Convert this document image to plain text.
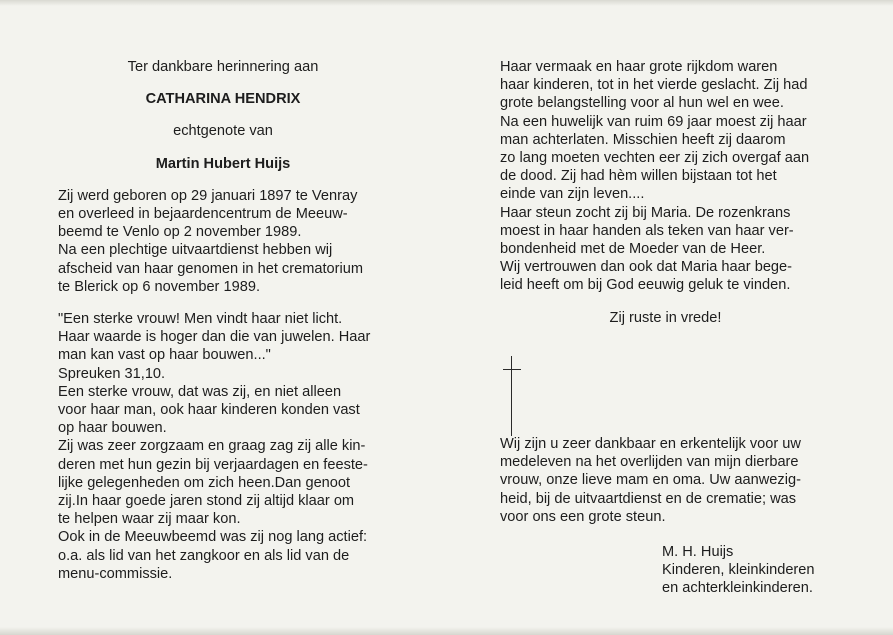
Ter dankbare herinnering aan
CATHARINA HENDRIX
echtgenote van
Martin Hubert Huijs
Zij werd geboren op 29 januari 1897 te Venray
en overleed in bejaardencentrum de Meeuw-
beemd te Venlo op 2 november 1989.
Na een plechtige uitvaartdienst hebben wij
afscheid van haar genomen in het crematorium
te Blerick op 6 november 1989.
"Een sterke vrouw! Men vindt haar niet licht.
Haar waarde is hoger dan die van juwelen. Haar
man kan vast op haar bouwen..."
Spreuken 31,10.
Een sterke vrouw, dat was zij, en niet alleen
voor haar man, ook haar kinderen konden vast
op haar bouwen.
Zij was zeer zorgzaam en graag zag zij alle kin-
deren met hun gezin bij verjaardagen en feeste-
lijke gelegenheden om zich heen.Dan genoot
zij.In haar goede jaren stond zij altijd klaar om
te helpen waar zij maar kon.
Ook in de Meeuwbeemd was zij nog lang actief:
o.a. als lid van het zangkoor en als lid van de
menu-commissie.
Haar vermaak en haar grote rijkdom waren
haar kinderen, tot in het vierde geslacht. Zij had
grote belangstelling voor al hun wel en wee.
Na een huwelijk van ruim 69 jaar moest zij haar
man achterlaten. Misschien heeft zij daarom
zo lang moeten vechten eer zij zich overgaf aan
de dood. Zij had hèm willen bijstaan tot het
einde van zijn leven....
Haar steun zocht zij bij Maria. De rozenkrans
moest in haar handen als teken van haar ver-
bondenheid met de Moeder van de Heer.
Wij vertrouwen dan ook dat Maria haar bege-
leid heeft om bij God eeuwig geluk te vinden.
Zij ruste in vrede!
Wij zijn u zeer dankbaar en erkentelijk voor uw
medeleven na het overlijden van mijn dierbare
vrouw, onze lieve mam en oma. Uw aanwezig-
heid, bij de uitvaartdienst en de crematie; was
voor ons een grote steun.
M. H. Huijs
Kinderen, kleinkinderen
en achterkleinkinderen.
